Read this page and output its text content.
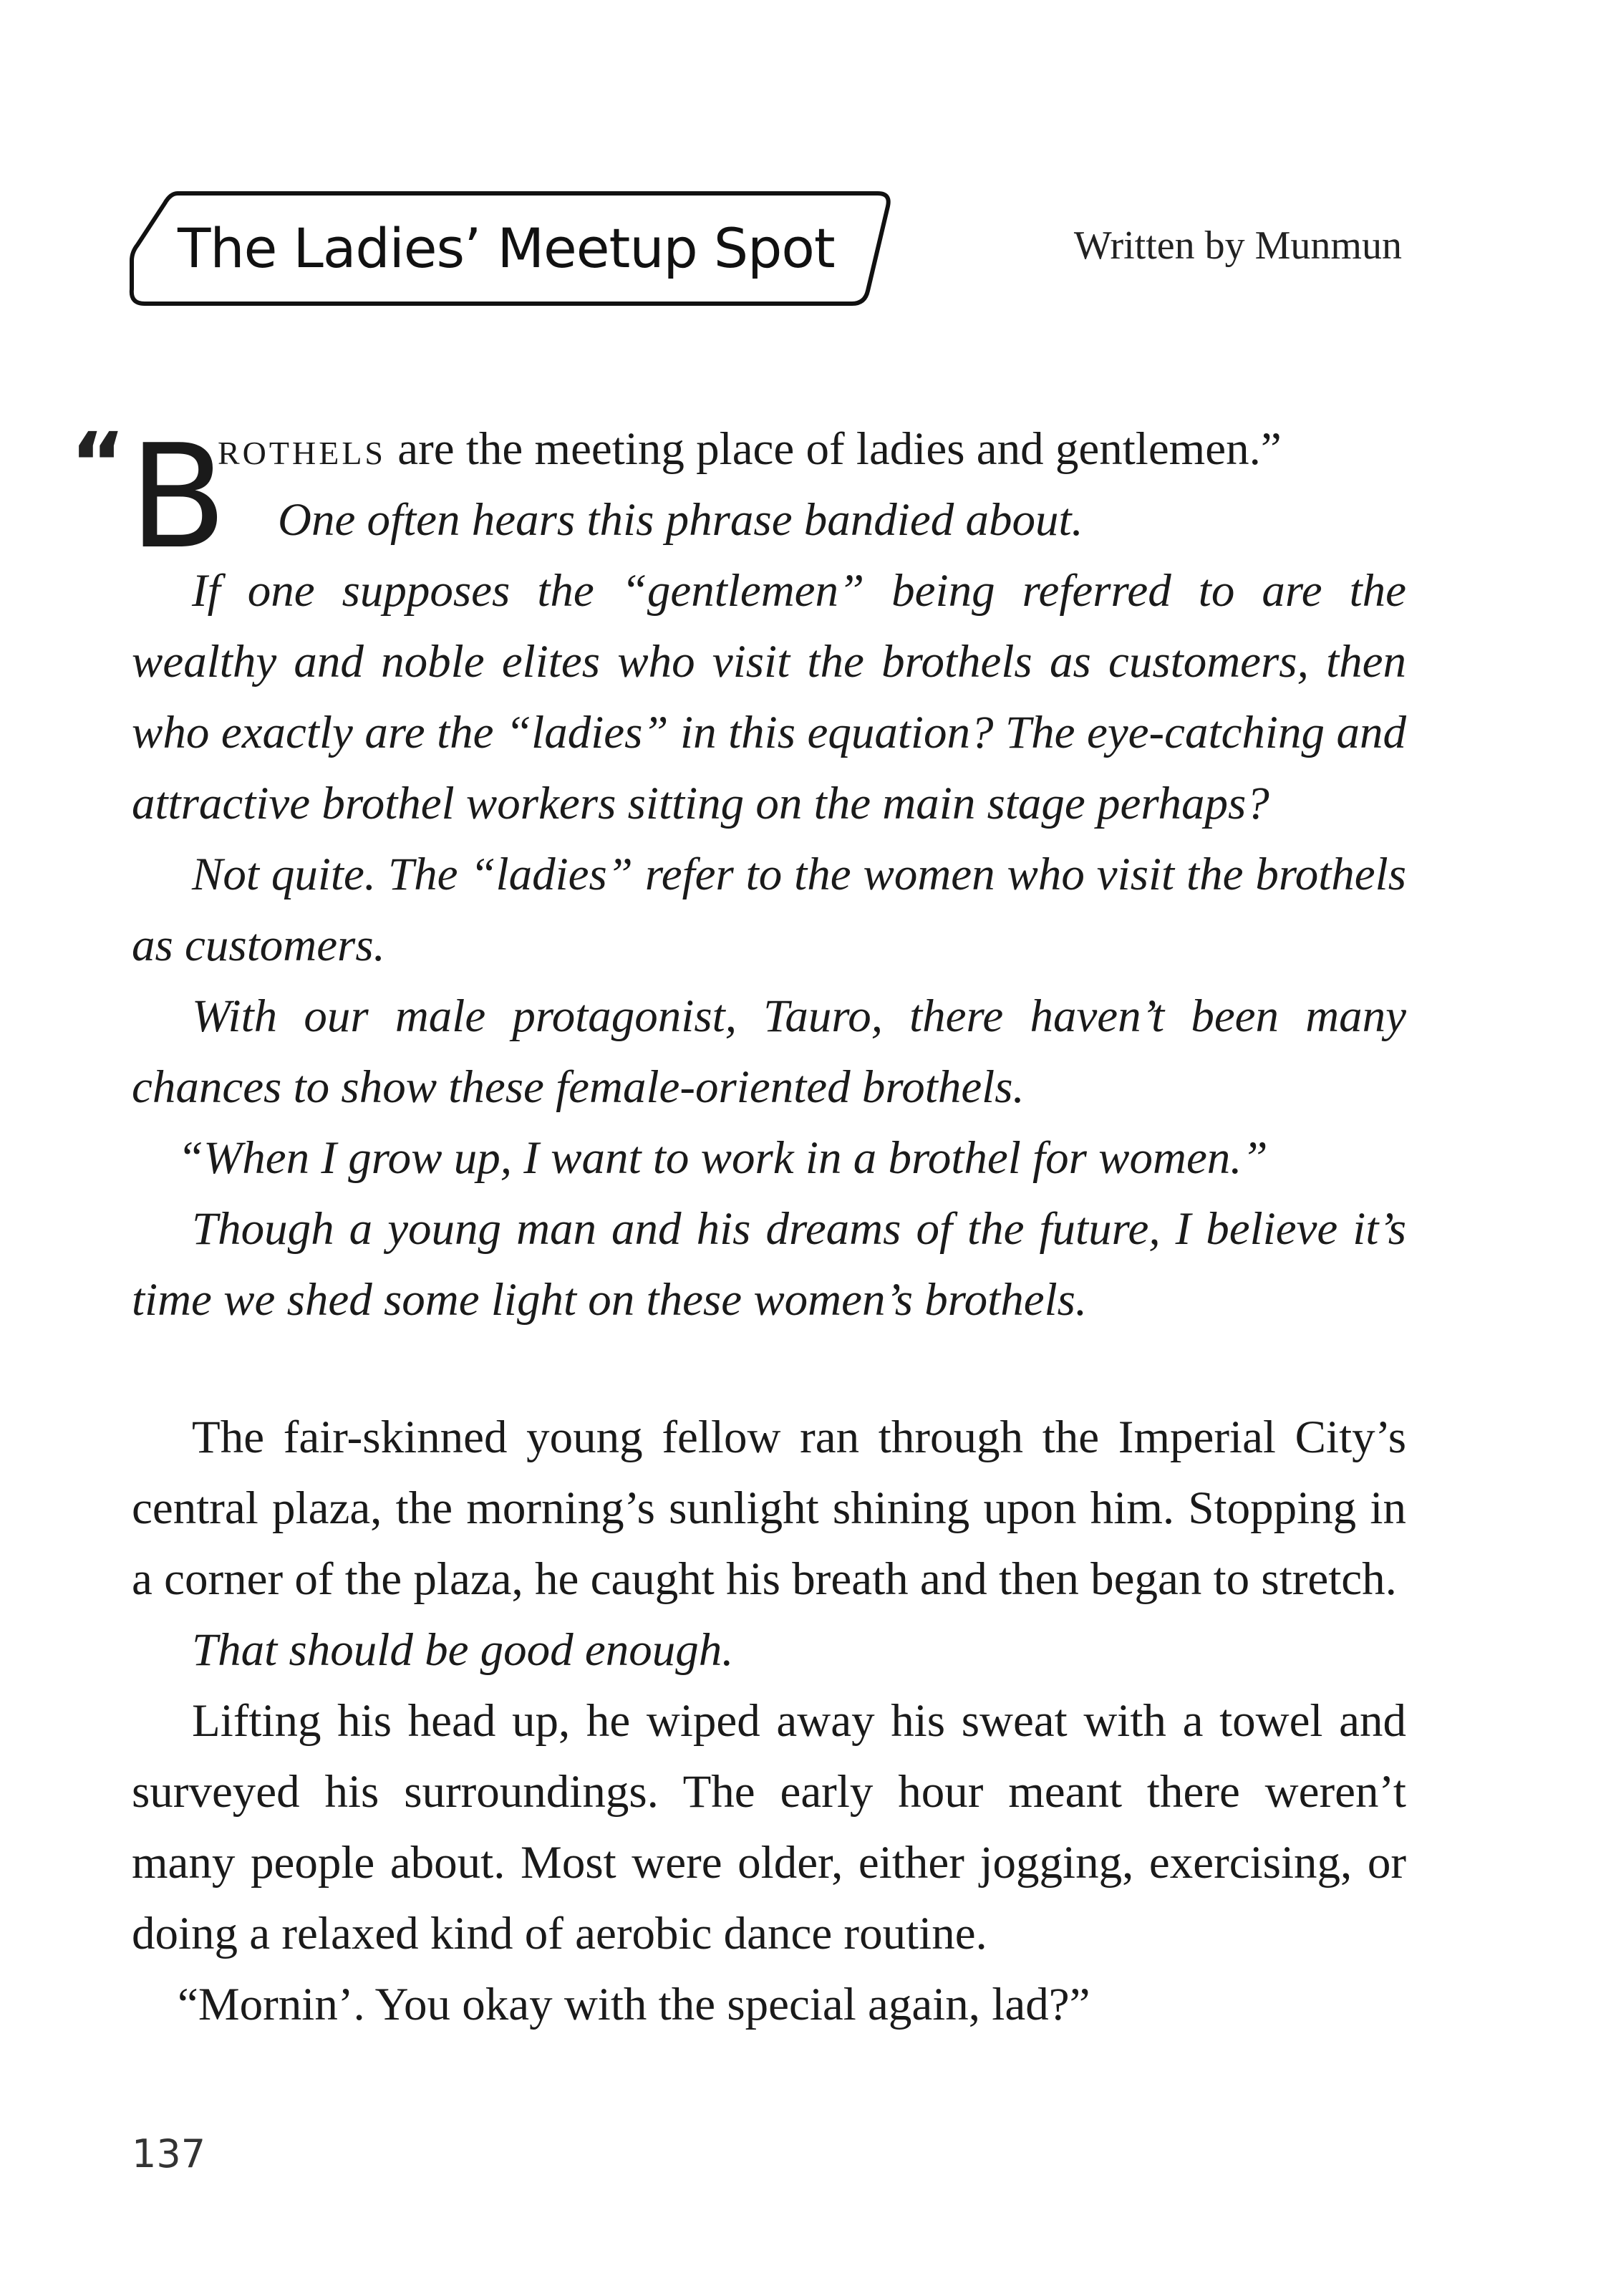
The Ladies’ Meetup Spot	Written by Munmun

“ B
rothels are the meeting place of ladies and gentlemen.”

One often hears this phrase bandied about.

If one supposes the “gentlemen” being referred to are the wealthy and noble elites who visit the brothels as customers, then who exactly are the “ladies” in this equation? The eye-catching and attractive brothel workers sitting on the main stage perhaps?

Not quite. The “ladies” refer to the women who visit the brothels as customers.

With our male protagonist, Tauro, there haven’t been many chances to show these female-oriented brothels.

“When I grow up, I want to work in a brothel for women.”

Though a young man and his dreams of the future, I believe it’s time we shed some light on these women’s brothels.

The fair-skinned young fellow ran through the Imperial City’s central plaza, the morning’s sunlight shining upon him. Stopping in a corner of the plaza, he caught his breath and then began to stretch.

That should be good enough.

Lifting his head up, he wiped away his sweat with a towel and surveyed his surroundings. The early hour meant there weren’t many people about. Most were older, either jogging, exercising, or doing a relaxed kind of aerobic dance routine.

“Mornin’. You okay with the special again, lad?”

137
